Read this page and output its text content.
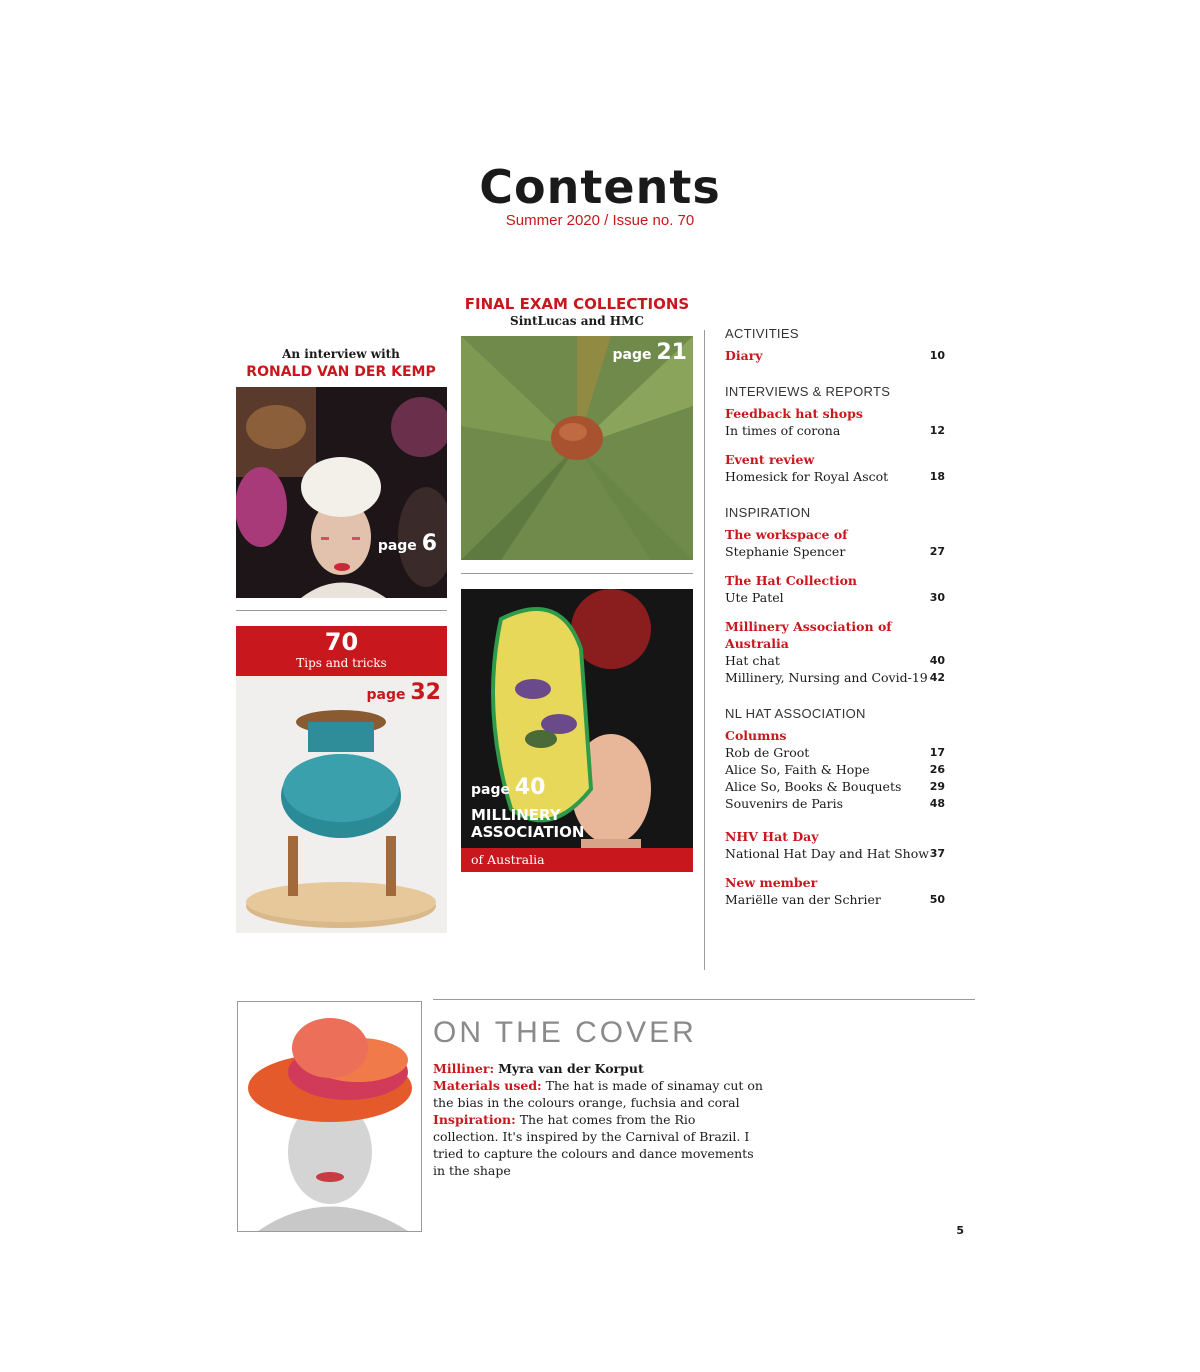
Contents
Summer 2020 / Issue no. 70
An interview with
RONALD VAN DER KEMP
page 6
70
Tips and tricks
page 32
FINAL EXAM COLLECTIONS
SintLucas and HMC
page 21
page 40
MILLINERY
ASSOCIATION
of Australia
ACTIVITIES
Diary	10
INTERVIEWS & REPORTS
Feedback hat shops
In times of corona	12
Event review
Homesick for Royal Ascot	18
INSPIRATION
The workspace of
Stephanie Spencer	27
The Hat Collection
Ute Patel	30
Millinery Association of Australia
Hat chat	40
Millinery, Nursing and Covid-19 42
NL HAT ASSOCIATION
Columns
Rob de Groot	17
Alice So, Faith & Hope	26
Alice So, Books & Bouquets	29
Souvenirs de Paris	48
NHV Hat Day
National Hat Day and Hat Show 37
New member
Mariëlle van der Schrier	50
ON THE COVER
Milliner: Myra van der Korput
Materials used: The hat is made of sinamay cut on the bias in the colours orange, fuchsia and coral
Inspiration: The hat comes from the Rio collection. It's inspired by the Carnival of Brazil. I tried to capture the colours and dance movements in the shape
5
